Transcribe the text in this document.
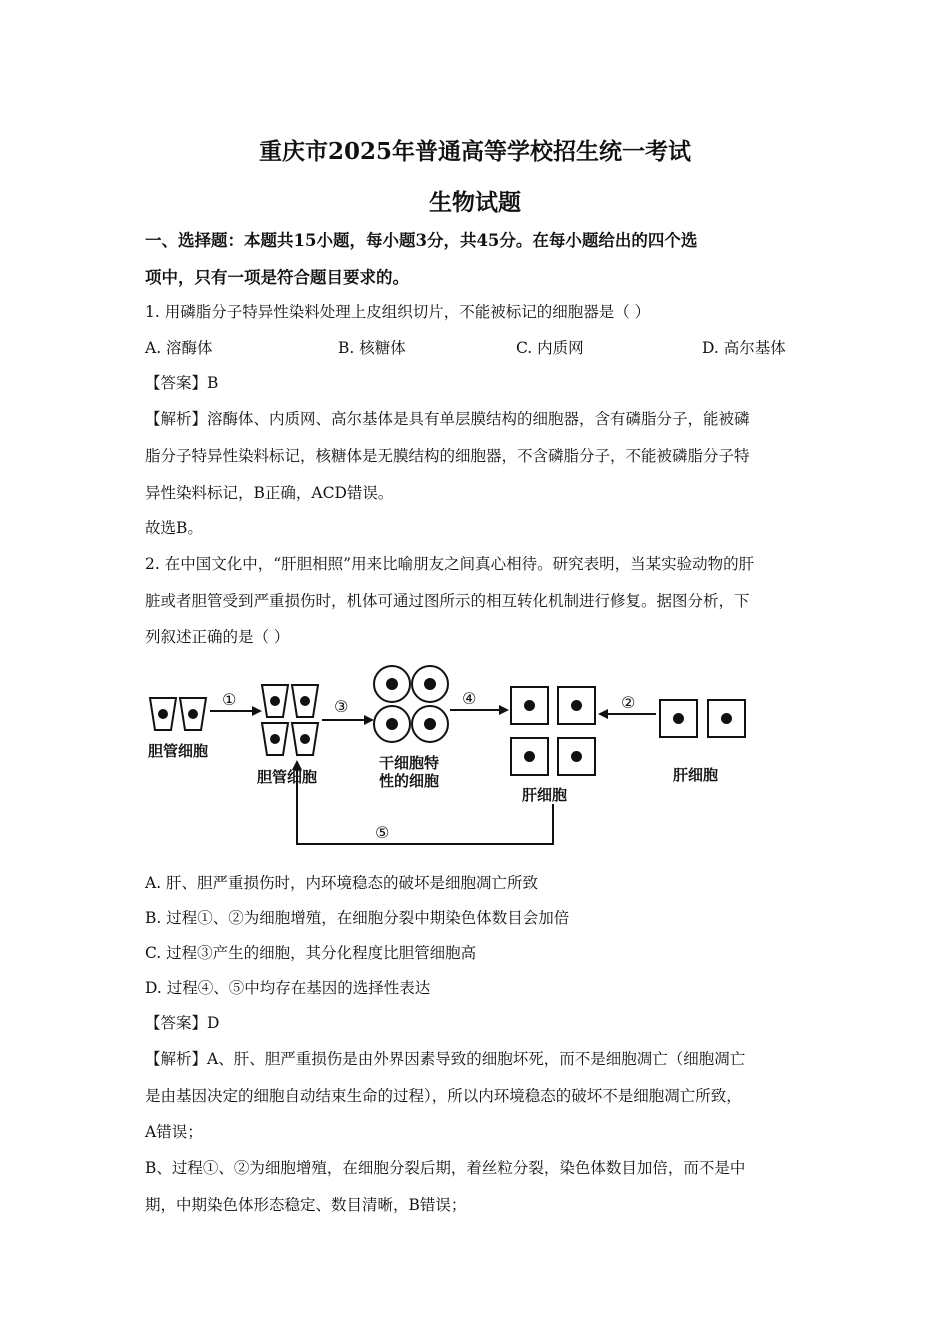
重庆市2025年普通高等学校招生统一考试
生物试题
一、选择题：本题共15小题，每小题3分，共45分。在每小题给出的四个选
项中，只有一项是符合题目要求的。
1. 用磷脂分子特异性染料处理上皮组织切片，不能被标记的细胞器是（ ）
A. 溶酶体	B. 核糖体	C. 内质网	D. 高尔基体
【答案】B
【解析】溶酶体、内质网、高尔基体是具有单层膜结构的细胞器，含有磷脂分子，能被磷
脂分子特异性染料标记，核糖体是无膜结构的细胞器，不含磷脂分子，不能被磷脂分子特
异性染料标记，B正确，ACD错误。
故选B。
2. 在中国文化中，“肝胆相照”用来比喻朋友之间真心相待。研究表明，当某实验动物的肝
脏或者胆管受到严重损伤时，机体可通过图所示的相互转化机制进行修复。据图分析，下
列叙述正确的是（ ）
①	③	④	②
⑤
胆管细胞
胆管细胞
干细胞特
性的细胞
肝细胞
肝细胞
A. 肝、胆严重损伤时，内环境稳态的破坏是细胞凋亡所致
B. 过程①、②为细胞增殖，在细胞分裂中期染色体数目会加倍
C. 过程③产生的细胞，其分化程度比胆管细胞高
D. 过程④、⑤中均存在基因的选择性表达
【答案】D
【解析】A、肝、胆严重损伤是由外界因素导致的细胞坏死，而不是细胞凋亡（细胞凋亡
是由基因决定的细胞自动结束生命的过程），所以内环境稳态的破坏不是细胞凋亡所致，
A错误；
B、过程①、②为细胞增殖，在细胞分裂后期，着丝粒分裂，染色体数目加倍，而不是中
期，中期染色体形态稳定、数目清晰，B错误；
